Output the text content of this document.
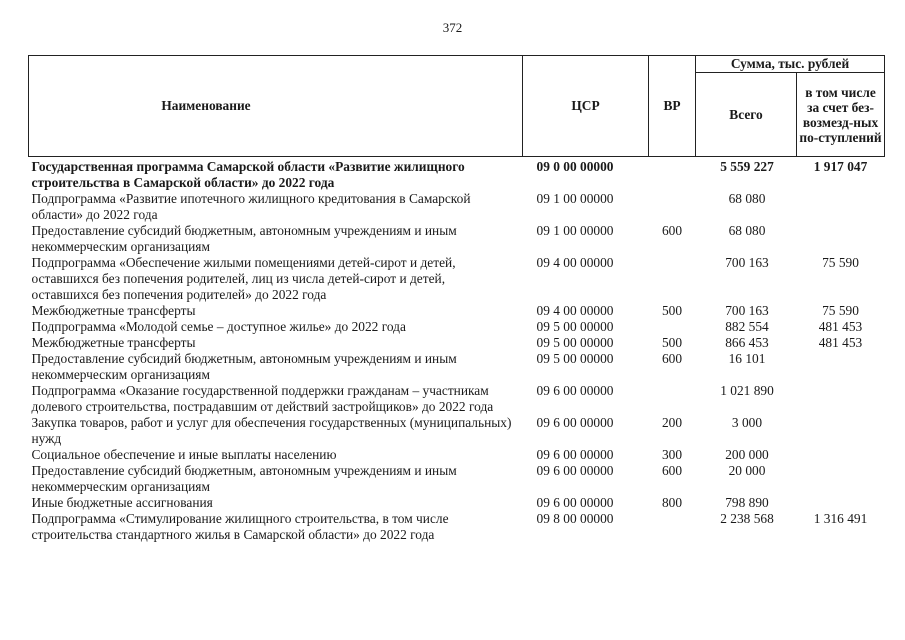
372
Наименование	ЦСР	ВР	Сумма, тыс. рублей	
			Всего	в том числе за счет без-возмезд-ных по-ступлений
Государственная программа Самарской области «Развитие жилищного строительства в Самарской области» до 2022 года	09 0 00 00000		5 559 227	1 917 047
Подпрограмма «Развитие ипотечного жилищного кредитования в Самарской области» до 2022 года	09 1 00 00000		68 080	
Предоставление субсидий бюджетным, автономным учреждениям и иным некоммерческим организациям	09 1 00 00000	600	68 080	
Подпрограмма «Обеспечение жилыми помещениями детей-сирот и детей, оставшихся без попечения родителей, лиц из числа детей-сирот и детей, оставшихся без попечения родителей» до 2022 года	09 4 00 00000		700 163	75 590
Межбюджетные трансферты	09 4 00 00000	500	700 163	75 590
Подпрограмма «Молодой семье – доступное жилье» до 2022 года	09 5 00 00000		882 554	481 453
Межбюджетные трансферты	09 5 00 00000	500	866 453	481 453
Предоставление субсидий бюджетным, автономным учреждениям и иным некоммерческим организациям	09 5 00 00000	600	16 101	
Подпрограмма «Оказание государственной поддержки гражданам – участникам долевого строительства, пострадавшим от действий застройщиков» до 2022 года	09 6 00 00000		1 021 890	
Закупка товаров, работ и услуг для обеспечения государственных (муниципальных) нужд	09 6 00 00000	200	3 000	
Социальное обеспечение и иные выплаты населению	09 6 00 00000	300	200 000	
Предоставление субсидий бюджетным, автономным учреждениям и иным некоммерческим организациям	09 6 00 00000	600	20 000	
Иные бюджетные ассигнования	09 6 00 00000	800	798 890	
Подпрограмма «Стимулирование жилищного строительства, в том числе строительства стандартного жилья в Самарской области» до 2022 года	09 8 00 00000		2 238 568	1 316 491
